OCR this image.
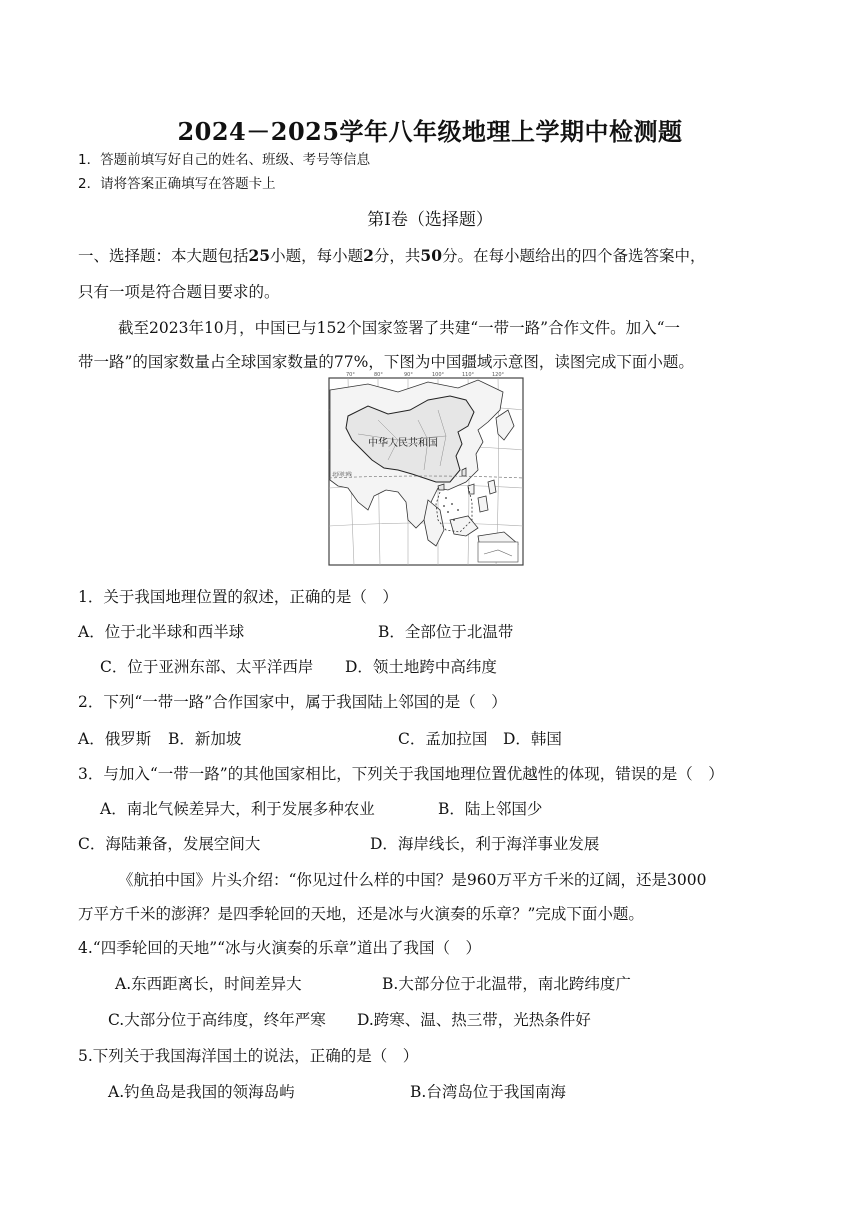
2024－2025学年八年级地理上学期中检测题
1．答题前填写好自己的姓名、班级、考号等信息
2．请将答案正确填写在答题卡上
第I卷（选择题）
一、选择题：本大题包括25小题，每小题2分，共50分。在每小题给出的四个备选答案中，
只有一项是符合题目要求的。
截至2023年10月，中国已与152个国家签署了共建“一带一路”合作文件。加入“一
带一路”的国家数量占全球国家数量的77%，下图为中国疆域示意图，读图完成下面小题。
70°	80°	90°	100°	110°	120°
北回归线
中华人民共和国
1．关于我国地理位置的叙述，正确的是（　）
A．位于北半球和西半球	B．全部位于北温带
C．位于亚洲东部、太平洋西岸 D．领土地跨中高纬度
2．下列“一带一路”合作国家中，属于我国陆上邻国的是（　）
A．俄罗斯 B．新加坡	C．孟加拉国 D．韩国
3．与加入“一带一路”的其他国家相比，下列关于我国地理位置优越性的体现，错误的是（　）
A．南北气候差异大，利于发展多种农业	B．陆上邻国少
C．海陆兼备，发展空间大	D．海岸线长，利于海洋事业发展
《航拍中国》片头介绍：“你见过什么样的中国？是960万平方千米的辽阔，还是3000
万平方千米的澎湃？是四季轮回的天地，还是冰与火演奏的乐章？”完成下面小题。
4.“四季轮回的天地”“冰与火演奏的乐章”道出了我国（　）
A.东西距离长，时间差异大	B.大部分位于北温带，南北跨纬度广
C.大部分位于高纬度，终年严寒 D.跨寒、温、热三带，光热条件好
5.下列关于我国海洋国土的说法，正确的是（　）
A.钓鱼岛是我国的领海岛屿	B.台湾岛位于我国南海
